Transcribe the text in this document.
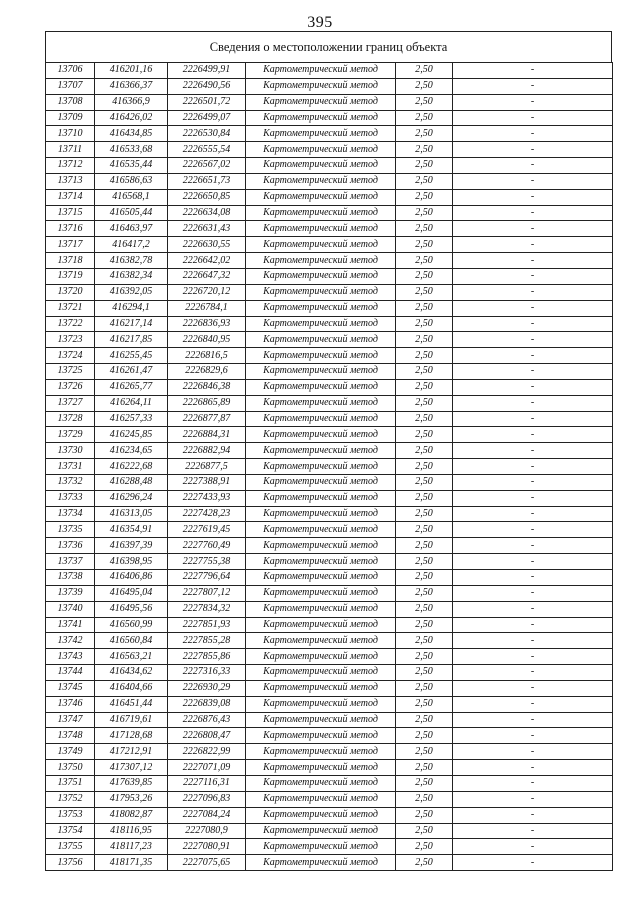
395
Сведения о местоположении границ объекта
13706	416201,16	2226499,91	Картометрический метод	2,50	-
13707	416366,37	2226490,56	Картометрический метод	2,50	-
13708	416366,9	2226501,72	Картометрический метод	2,50	-
13709	416426,02	2226499,07	Картометрический метод	2,50	-
13710	416434,85	2226530,84	Картометрический метод	2,50	-
13711	416533,68	2226555,54	Картометрический метод	2,50	-
13712	416535,44	2226567,02	Картометрический метод	2,50	-
13713	416586,63	2226651,73	Картометрический метод	2,50	-
13714	416568,1	2226650,85	Картометрический метод	2,50	-
13715	416505,44	2226634,08	Картометрический метод	2,50	-
13716	416463,97	2226631,43	Картометрический метод	2,50	-
13717	416417,2	2226630,55	Картометрический метод	2,50	-
13718	416382,78	2226642,02	Картометрический метод	2,50	-
13719	416382,34	2226647,32	Картометрический метод	2,50	-
13720	416392,05	2226720,12	Картометрический метод	2,50	-
13721	416294,1	2226784,1	Картометрический метод	2,50	-
13722	416217,14	2226836,93	Картометрический метод	2,50	-
13723	416217,85	2226840,95	Картометрический метод	2,50	-
13724	416255,45	2226816,5	Картометрический метод	2,50	-
13725	416261,47	2226829,6	Картометрический метод	2,50	-
13726	416265,77	2226846,38	Картометрический метод	2,50	-
13727	416264,11	2226865,89	Картометрический метод	2,50	-
13728	416257,33	2226877,87	Картометрический метод	2,50	-
13729	416245,85	2226884,31	Картометрический метод	2,50	-
13730	416234,65	2226882,94	Картометрический метод	2,50	-
13731	416222,68	2226877,5	Картометрический метод	2,50	-
13732	416288,48	2227388,91	Картометрический метод	2,50	-
13733	416296,24	2227433,93	Картометрический метод	2,50	-
13734	416313,05	2227428,23	Картометрический метод	2,50	-
13735	416354,91	2227619,45	Картометрический метод	2,50	-
13736	416397,39	2227760,49	Картометрический метод	2,50	-
13737	416398,95	2227755,38	Картометрический метод	2,50	-
13738	416406,86	2227796,64	Картометрический метод	2,50	-
13739	416495,04	2227807,12	Картометрический метод	2,50	-
13740	416495,56	2227834,32	Картометрический метод	2,50	-
13741	416560,99	2227851,93	Картометрический метод	2,50	-
13742	416560,84	2227855,28	Картометрический метод	2,50	-
13743	416563,21	2227855,86	Картометрический метод	2,50	-
13744	416434,62	2227316,33	Картометрический метод	2,50	-
13745	416404,66	2226930,29	Картометрический метод	2,50	-
13746	416451,44	2226839,08	Картометрический метод	2,50	-
13747	416719,61	2226876,43	Картометрический метод	2,50	-
13748	417128,68	2226808,47	Картометрический метод	2,50	-
13749	417212,91	2226822,99	Картометрический метод	2,50	-
13750	417307,12	2227071,09	Картометрический метод	2,50	-
13751	417639,85	2227116,31	Картометрический метод	2,50	-
13752	417953,26	2227096,83	Картометрический метод	2,50	-
13753	418082,87	2227084,24	Картометрический метод	2,50	-
13754	418116,95	2227080,9	Картометрический метод	2,50	-
13755	418117,23	2227080,91	Картометрический метод	2,50	-
13756	418171,35	2227075,65	Картометрический метод	2,50	-
